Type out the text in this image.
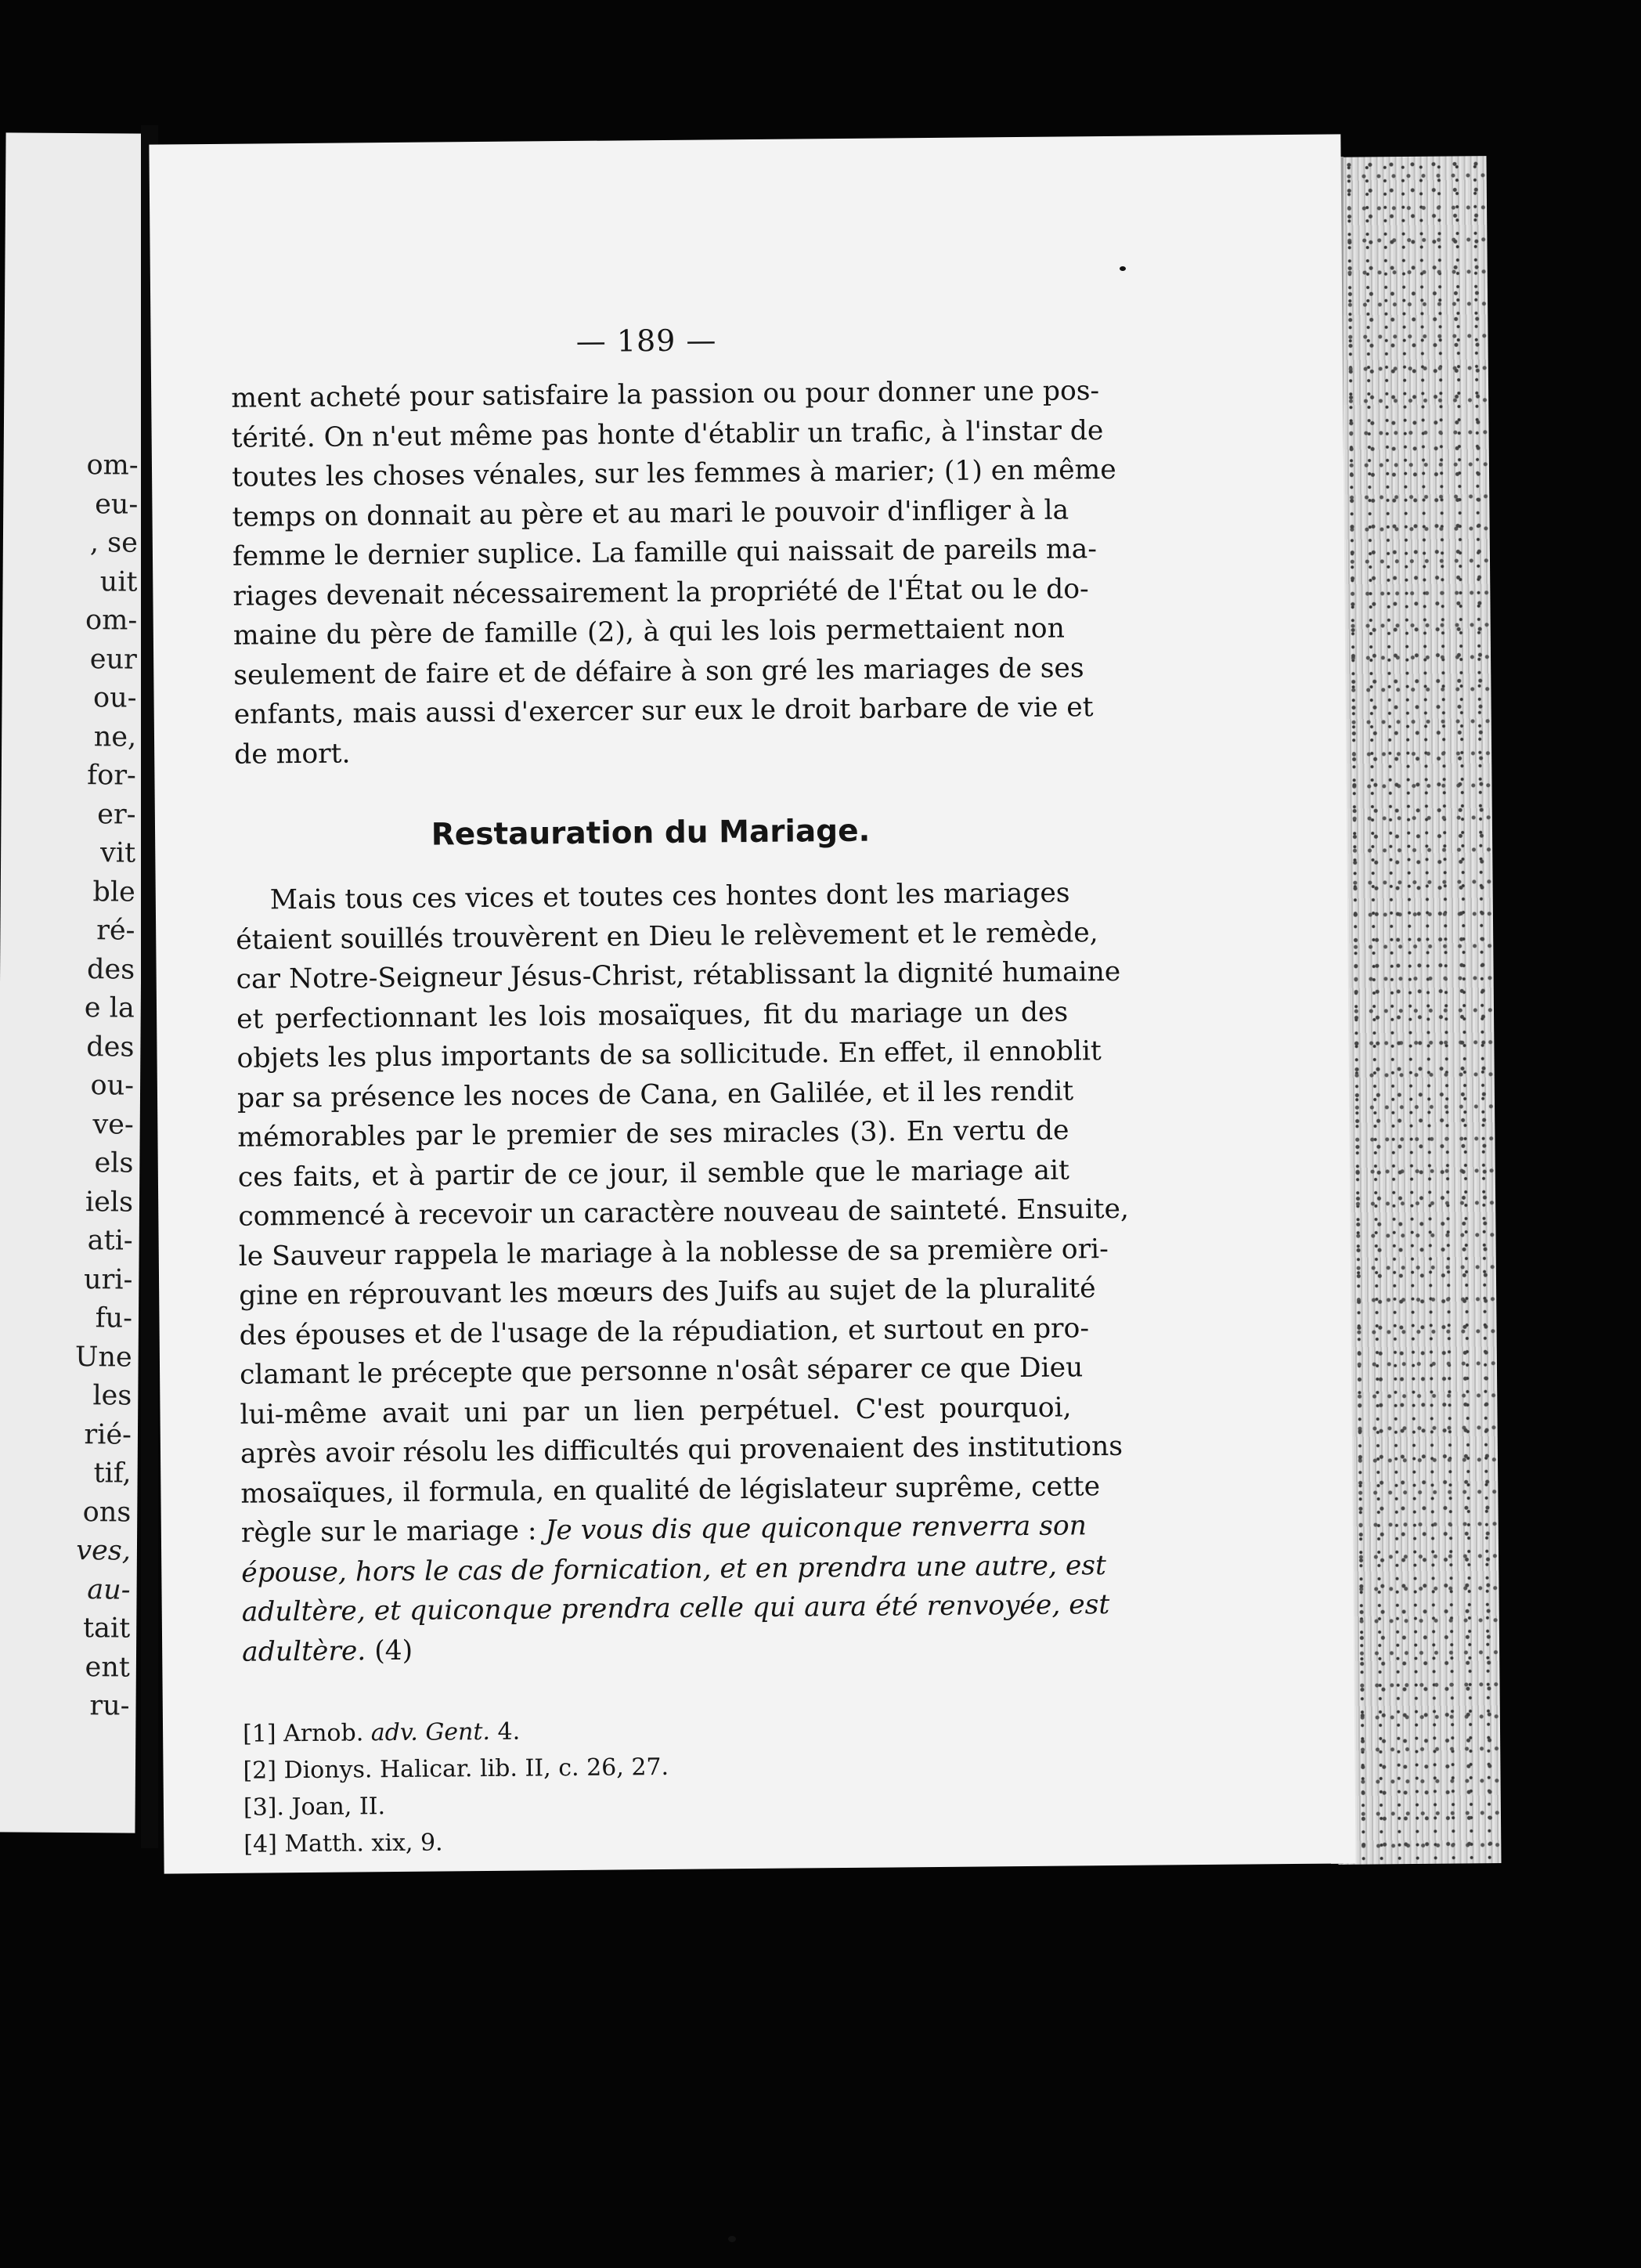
om-
eu-
, se
uit
om-
eur
ou-
ne,
for-
er-
vit
ble
ré-
des
e la
des
ou-
ve-
els
iels
ati-
uri-
fu-
Une
les
rié-
tif,
ons
ves,
au-
tait
ent
ru-
— 189 —
ment acheté pour satisfaire la passion ou pour donner une pos-
térité. On n'eut même pas honte d'établir un trafic, à l'instar de
toutes les choses vénales, sur les femmes à marier; (1) en même
temps on donnait au père et au mari le pouvoir d'infliger à la
femme le dernier suplice. La famille qui naissait de pareils ma-
riages devenait nécessairement la propriété de l'État ou le do-
maine du père de famille (2), à qui les lois permettaient non
seulement de faire et de défaire à son gré les mariages de ses
enfants, mais aussi d'exercer sur eux le droit barbare de vie et
de mort.
Restauration du Mariage.
Mais tous ces vices et toutes ces hontes dont les mariages
étaient souillés trouvèrent en Dieu le relèvement et le remède,
car Notre-Seigneur Jésus-Christ, rétablissant la dignité humaine
et perfectionnant les lois mosaïques, fit du mariage un des
objets les plus importants de sa sollicitude. En effet, il ennoblit
par sa présence les noces de Cana, en Galilée, et il les rendit
mémorables par le premier de ses miracles (3). En vertu de
ces faits, et à partir de ce jour, il semble que le mariage ait
commencé à recevoir un caractère nouveau de sainteté. Ensuite,
le Sauveur rappela le mariage à la noblesse de sa première ori-
gine en réprouvant les mœurs des Juifs au sujet de la pluralité
des épouses et de l'usage de la répudiation, et surtout en pro-
clamant le précepte que personne n'osât séparer ce que Dieu
lui-même avait uni par un lien perpétuel. C'est pourquoi,
après avoir résolu les difficultés qui provenaient des institutions
mosaïques, il formula, en qualité de législateur suprême, cette
règle sur le mariage : Je vous dis que quiconque renverra son
épouse, hors le cas de fornication, et en prendra une autre, est
adultère, et quiconque prendra celle qui aura été renvoyée, est
adultère. (4)
[1] Arnob. adv. Gent. 4.
[2] Dionys. Halicar. lib. II, c. 26, 27.
[3]. Joan, II.
[4] Matth. xix, 9.
